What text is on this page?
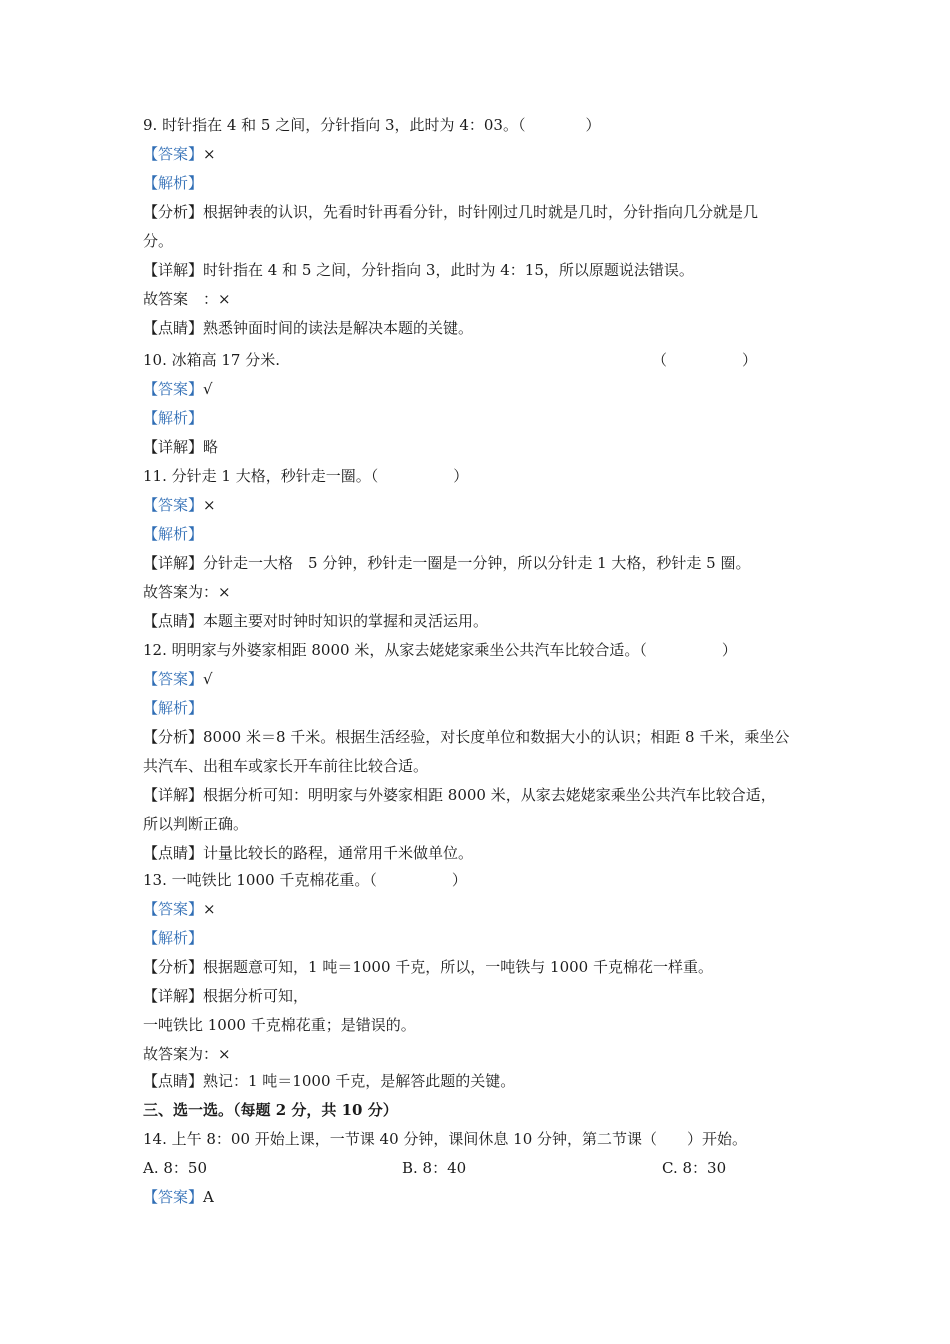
9. 时针指在 4 和 5 之间，分针指向 3，此时为 4：03。（　　　　）
【答案】×
【解析】
【分析】根据钟表的认识，先看时针再看分针，时针刚过几时就是几时，分针指向几分就是几
分。
【详解】时针指在 4 和 5 之间，分针指向 3，此时为 4：15，所以原题说法错误。
故答案　：×
【点睛】熟悉钟面时间的读法是解决本题的关键。
10. 冰箱高 17 分米.	（　　　　　）
【答案】√
【解析】
【详解】略
11. 分针走 1 大格，秒针走一圈。（　　　　　）
【答案】×
【解析】
【详解】分针走一大格　5 分钟，秒针走一圈是一分钟，所以分针走 1 大格，秒针走 5 圈。
故答案为：×
【点睛】本题主要对时钟时知识的掌握和灵活运用。
12. 明明家与外婆家相距 8000 米，从家去姥姥家乘坐公共汽车比较合适。（　　　　　）
【答案】√
【解析】
【分析】8000 米＝8 千米。根据生活经验，对长度单位和数据大小的认识；相距 8 千米，乘坐公
共汽车、出租车或家长开车前往比较合适。
【详解】根据分析可知：明明家与外婆家相距 8000 米，从家去姥姥家乘坐公共汽车比较合适，
所以判断正确。
【点睛】计量比较长的路程，通常用千米做单位。
13. 一吨铁比 1000 千克棉花重。（　　　　　）
【答案】×
【解析】
【分析】根据题意可知，1 吨＝1000 千克，所以，一吨铁与 1000 千克棉花一样重。
【详解】根据分析可知，
一吨铁比 1000 千克棉花重；是错误的。
故答案为：×
【点睛】熟记：1 吨＝1000 千克，是解答此题的关键。
三、选一选。（每题 2 分，共 10 分）
14. 上午 8：00 开始上课，一节课 40 分钟，课间休息 10 分钟，第二节课（　　）开始。
A. 8：50	B. 8：40	C. 8：30
【答案】A
